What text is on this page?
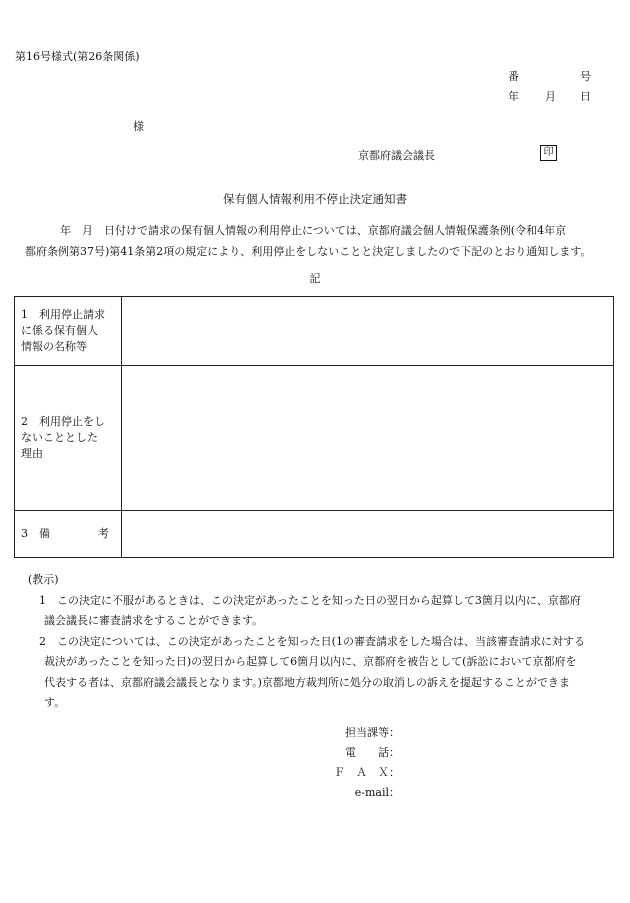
第16号様式(第26条関係)
番	号
年 月 日
様
京都府議会議長	印
保有個人情報利用不停止決定通知書

年　月　日付けで請求の保有個人情報の利用停止については、京都府議会個人情報保護条例(令和4年京

都府条例第37号)第41条第2項の規定により、利用停止をしないことと決定しましたので下記のとおり通知します。

記
1　利用停止請求
に係る保有個人
情報の名称等	

2　利用停止をし
ないこととした
理由	

3　備 考	

(教示)

1　この決定に不服があるときは、この決定があったことを知った日の翌日から起算して3箇月以内に、京都府

議会議長に審査請求をすることができます。

2　この決定については、この決定があったことを知った日(1の審査請求をした場合は、当該審査請求に対する

裁決があったことを知った日)の翌日から起算して6箇月以内に、京都府を被告として(訴訟において京都府を

代表する者は、京都府議会議長となります。)京都地方裁判所に処分の取消しの訴えを提起することができま

す。

担当課等：
電　　話：
Ｆ　Ａ　Ｘ：
e-mail：
